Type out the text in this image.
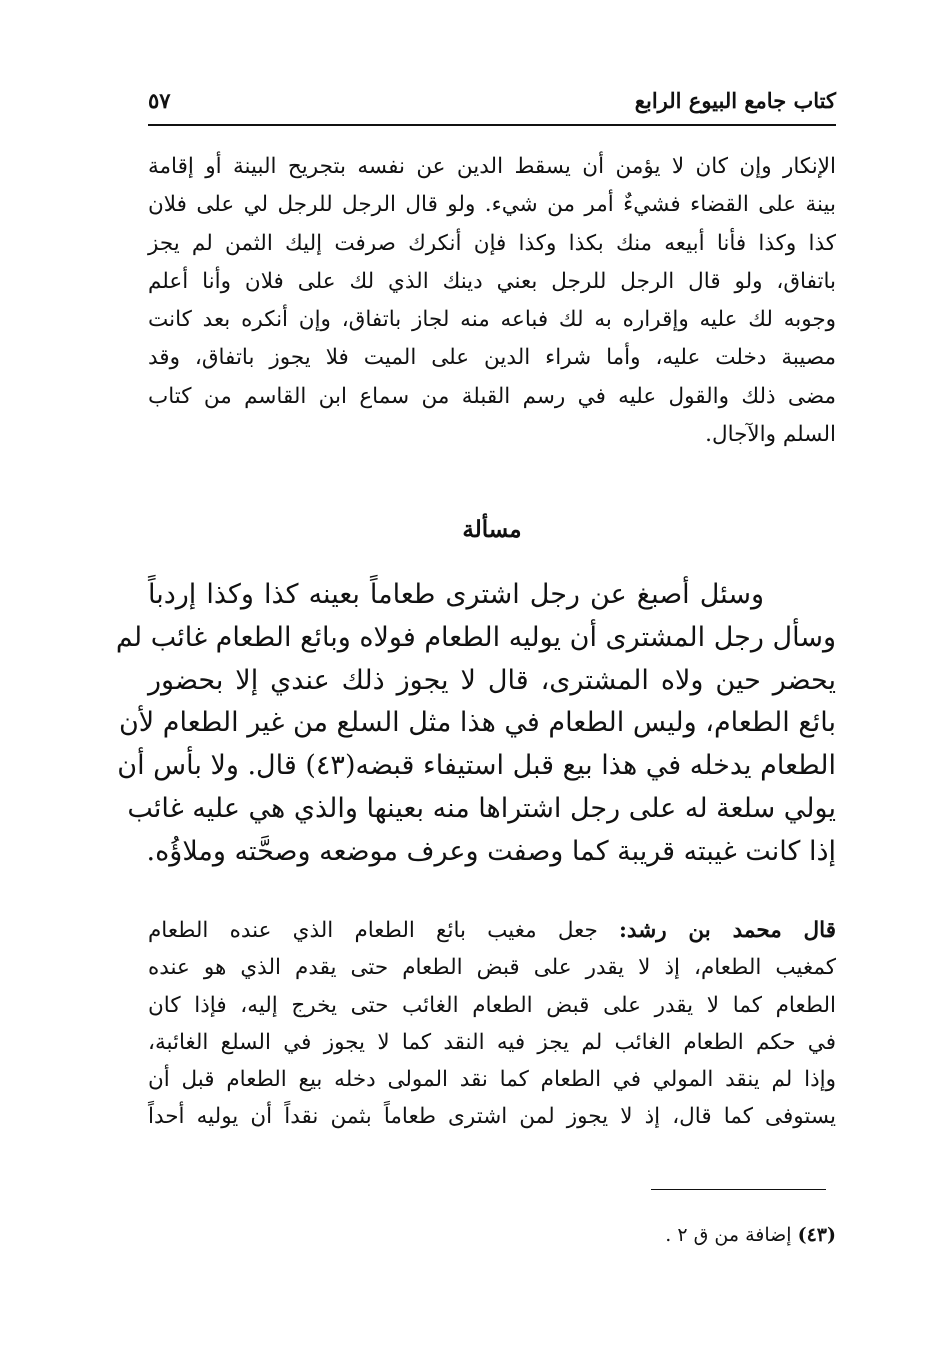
كتاب جامع البيوع الرابع
٥٧
الإنكار وإن كان لا يؤمن أن يسقط الدين عن نفسه بتجريح البينة أو إقامة
بينة على القضاء فشيءٌ أمر من شيء. ولو قال الرجل للرجل لي على فلان
كذا وكذا فأنا أبيعه منك بكذا وكذا فإن أنكرك صرفت إليك الثمن لم يجز
باتفاق، ولو قال الرجل للرجل بعني دينك الذي لك على فلان وأنا أعلم
وجوبه لك عليه وإقراره به لك فباعه منه لجاز باتفاق، وإن أنكره بعد كانت
مصيبة دخلت عليه، وأما شراء الدين على الميت فلا يجوز باتفاق، وقد
مضى ذلك والقول عليه في رسم القبلة من سماع ابن القاسم من كتاب
السلم والآجال.
مسألة
وسئل أصبغ عن رجل اشترى طعاماً بعينه كذا وكذا إردباً
وسأل رجل المشترى أن يوليه الطعام فولاه وبائع الطعام غائب لم
يحضر حين ولاه المشترى، قال لا يجوز ذلك عندي إلا بحضور
بائع الطعام، وليس الطعام في هذا مثل السلع من غير الطعام لأن
الطعام يدخله في هذا بيع قبل استيفاء قبضه(٤٣) قال. ولا بأس أن
يولي سلعة له على رجل اشتراها منه بعينها والذي هي عليه غائب
إذا كانت غيبته قريبة كما وصفت وعرف موضعه وصحَّته وملاؤُه.
قال محمد بن رشد: جعل مغيب بائع الطعام الذي عنده الطعام
كمغيب الطعام، إذ لا يقدر على قبض الطعام حتى يقدم الذي هو عنده
الطعام كما لا يقدر على قبض الطعام الغائب حتى يخرج إليه، فإذا كان
في حكم الطعام الغائب لم يجز فيه النقد كما لا يجوز في السلع الغائبة،
وإذا لم ينقد المولي في الطعام كما نقد المولى دخله بيع الطعام قبل أن
يستوفى كما قال، إذ لا يجوز لمن اشترى طعاماً بثمن نقداً أن يوليه أحداً
(٤٣) إضافة من ق ٢ .
